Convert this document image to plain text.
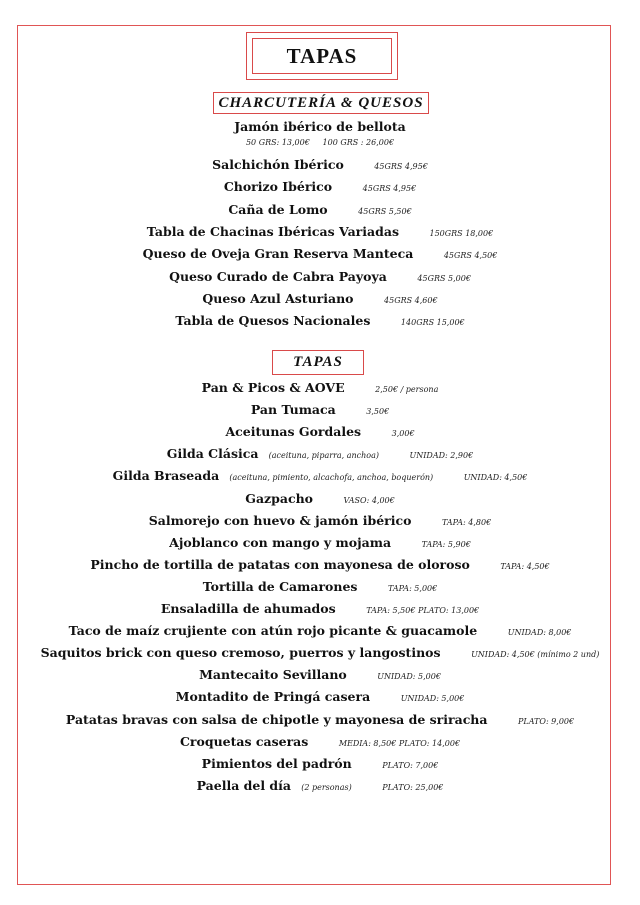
TAPAS
CHARCUTERÍA & QUESOS
Jamón ibérico de bellota
50 GRS: 13,00€ 100 GRS : 26,00€
Salchichón Ibérico	45GRS 4,95€
Chorizo Ibérico	45GRS 4,95€
Caña de Lomo	45GRS 5,50€
Tabla de Chacinas Ibéricas Variadas	150GRS 18,00€
Queso de Oveja Gran Reserva Manteca	45GRS 4,50€
Queso Curado de Cabra Payoya	45GRS 5,00€
Queso Azul Asturiano	45GRS 4,60€
Tabla de Quesos Nacionales	140GRS 15,00€
TAPAS
Pan & Picos & AOVE	2,50€ / persona
Pan Tumaca	3,50€
Aceitunas Gordales	3,00€
Gilda Clásica (aceituna, piparra, anchoa)	UNIDAD: 2,90€
Gilda Braseada (aceituna, pimiento, alcachofa, anchoa, boquerón)	UNIDAD: 4,50€
Gazpacho	VASO: 4,00€
Salmorejo con huevo & jamón ibérico	TAPA: 4,80€
Ajoblanco con mango y mojama	TAPA: 5,90€
Pincho de tortilla de patatas con mayonesa de oloroso	TAPA: 4,50€
Tortilla de Camarones	TAPA: 5,00€
Ensaladilla de ahumados	TAPA: 5,50€ PLATO: 13,00€
Taco de maíz crujiente con atún rojo picante & guacamole	UNIDAD: 8,00€
Saquitos brick con queso cremoso, puerros y langostinos	UNIDAD: 4,50€ (mínimo 2 und)
Mantecaito Sevillano	UNIDAD: 5,00€
Montadito de Pringá casera	UNIDAD: 5,00€
Patatas bravas con salsa de chipotle y mayonesa de sriracha	PLATO: 9,00€
Croquetas caseras	MEDIA: 8,50€ PLATO: 14,00€
Pimientos del padrón	PLATO: 7,00€
Paella del día (2 personas)	PLATO: 25,00€
